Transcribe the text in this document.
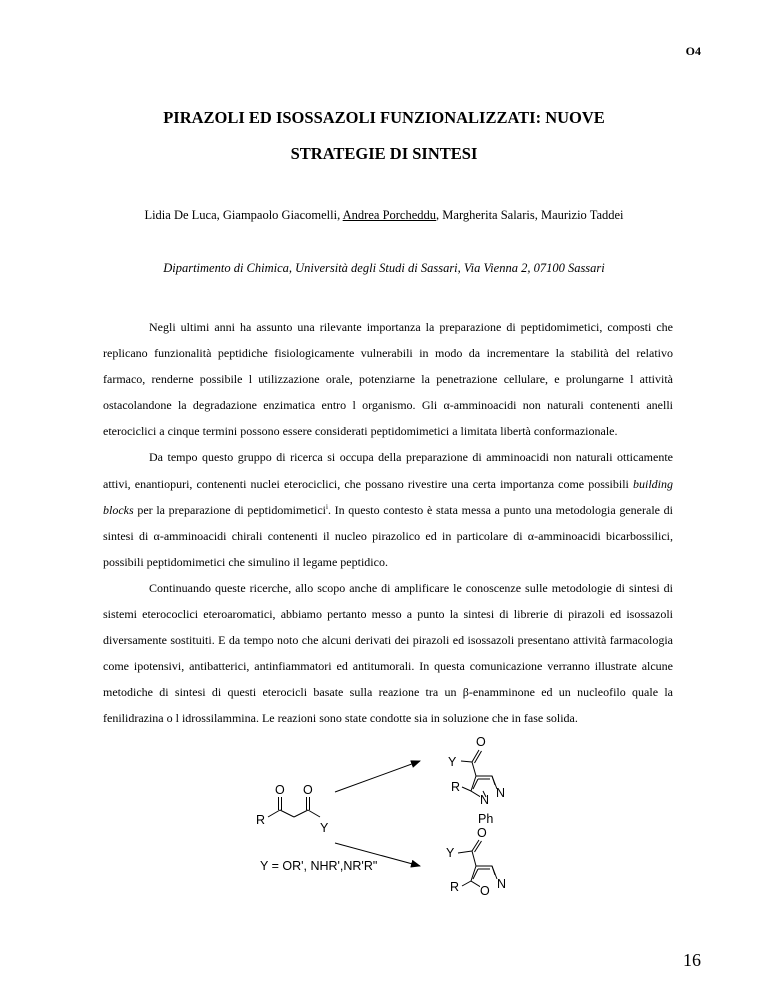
O4
PIRAZOLI ED ISOSSAZOLI FUNZIONALIZZATI: NUOVE
STRATEGIE DI SINTESI
Lidia De Luca, Giampaolo Giacomelli, Andrea Porcheddu, Margherita Salaris, Maurizio Taddei
Dipartimento di Chimica, Università degli Studi di Sassari, Via Vienna 2, 07100 Sassari

Negli ultimi anni ha assunto una rilevante importanza la preparazione di peptidomimetici, composti che replicano funzionalità peptidiche fisiologicamente vulnerabili in modo da incrementare la stabilità del relativo farmaco, renderne possibile l utilizzazione orale, potenziarne la penetrazione cellulare, e prolungarne l attività ostacolandone la degradazione enzimatica entro l organismo. Gli α-amminoacidi non naturali contenenti anelli eterociclici a cinque termini possono essere considerati peptidomimetici a limitata libertà conformazionale.

Da tempo questo gruppo di ricerca si occupa della preparazione di amminoacidi non naturali otticamente attivi, enantiopuri, contenenti nuclei eterociclici, che possano rivestire una certa importanza come possibili building blocks per la preparazione di peptidomimetici$^i$. In questo contesto è stata messa a punto una metodologia generale di sintesi di α-amminoacidi chirali contenenti il nucleo pirazolico ed in particolare di α-amminoacidi bicarbossilici, possibili peptidomimetici che simulino il legame peptidico.

Continuando queste ricerche, allo scopo anche di amplificare le conoscenze sulle metodologie di sintesi di sistemi eterococlici eteroaromatici, abbiamo pertanto messo a punto la sintesi di librerie di pirazoli ed isossazoli diversamente sostituiti. E da tempo noto che alcuni derivati dei pirazoli ed isossazoli presentano attività farmacologia come ipotensivi, antibatterici, antinfiammatori ed antitumorali. In questa comunicazione verranno illustrate alcune metodiche di sintesi di questi eterocicli basate sulla reazione tra un β-enamminone ed un nucleofilo quale la fenilidrazina o l idrossilammina. Le reazioni sono state condotte sia in soluzione che in fase solida.

O O
R
Y
Y = OR', NHR',NR'R"
O
Y
R	N
N
Ph
O
Y
R	N
O
16
